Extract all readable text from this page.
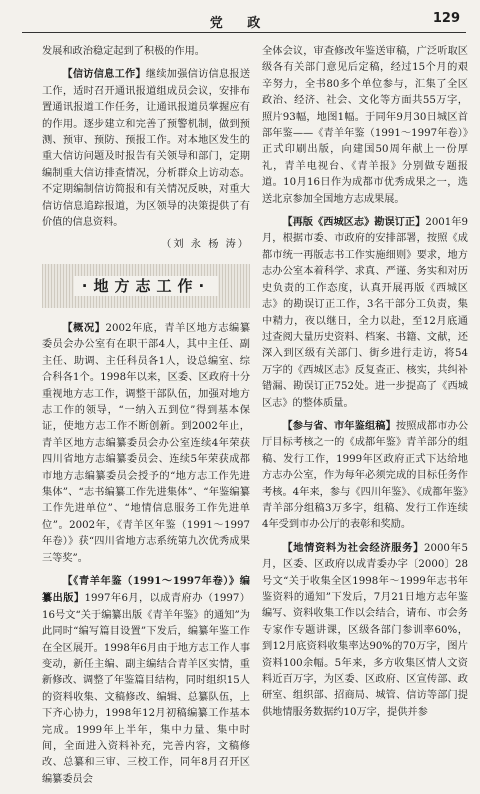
党 政	129

发展和政治稳定起到了积极的作用。

【信访信息工作】继续加强信访信息报送工作，适时召开通讯报道组成员会议，安排布置通讯报道工作任务，让通讯报道员掌握应有的作用。逐步建立和完善了预警机制，做到预测、预审、预防、预报工作。对本地区发生的重大信访问题及时报告有关领导和部门，定期编制重大信访排查情况，分析群众上访动态。不定期编制信访简报和有关情况反映，对重大信访信息追踪报道，为区领导的决策提供了有价值的信息资料。

（刘 永 杨 涛）
·地方志工作·

【概况】2002年底，青羊区地方志编纂委员会办公室有在职干部4人，其中主任、副主任、助调、主任科员各1人，设总编室、综合科各1个。1998年以来，区委、区政府十分重视地方志工作，调整干部队伍，加强对地方志工作的领导，“一纳入五到位”得到基本保证，使地方志工作不断创新。到2002年止，青羊区地方志编纂委员会办公室连续4年荣获四川省地方志编纂委员会、连续5年荣获成都市地方志编纂委员会授予的“地方志工作先进集体”、“志书编纂工作先进集体”、“年鉴编纂工作先进单位”、“地情信息服务工作先进单位”。2002年，《青羊区年鉴（1991～1997年卷）》获“四川省地方志系统第九次优秀成果三等奖”。

【《青羊年鉴（1991～1997年卷）》编纂出版】1997年6月，以成青府办（1997）16号文“关于编纂出版《青羊年鉴》的通知”为此同时“编写篇目设置”下发后，编纂年鉴工作在全区展开。1998年6月由于地方志工作人事变动，新任主编、副主编结合青羊区实情，重新修改、调整了年鉴篇目结构，同时组织15人的资料收集、文稿修改、编辑、总纂队伍，上下齐心协力，1998年12月初稿编纂工作基本完成。1999年上半年，集中力量、集中时间，全面进入资料补充，完善内容，文稿修改、总纂和三审、三校工作，同年8月召开区编纂委员会

全体会议，审查修改年鉴送审稿，广泛听取区级各有关部门意见后定稿，经过15个月的艰辛努力，全书80多个单位参与，汇集了全区政治、经济、社会、文化等方面共55万字，照片93幅，地图1幅。于同年9月30日城区首部年鉴——《青羊年鉴（1991～1997年卷）》正式印刷出版，向建国50周年献上一份厚礼，青羊电视台、《青羊报》分别做专题报道。10月16日作为成都市优秀成果之一，选送北京参加全国地方志成果展。

【再版《西城区志》勘误订正】2001年9月，根据市委、市政府的安排部署，按照《成都市统一再版志书工作实施细则》要求，地方志办公室本着科学、求真、严谨、务实和对历史负责的工作态度，认真开展再版《西城区志》的勘误订正工作，3名干部分工负责，集中精力，夜以继日，全力以赴，至12月底通过查阅大量历史资料、档案、书籍、文献，还深入到区级有关部门、街乡进行走访，将54万字的《西城区志》反复查正、核实，共纠补错漏、勘误订正752处。进一步提高了《西城区志》的整体质量。

【参与省、市年鉴组稿】按照成都市办公厅目标考核之一的《成都年鉴》青羊部分的组稿、发行工作，1999年区政府正式下达给地方志办公室，作为每年必须完成的目标任务作考核。4年来，参与《四川年鉴》、《成都年鉴》青羊部分组稿3万多字，组稿、发行工作连续4年受到市办公厅的表彰和奖励。

【地情资料为社会经济服务】2000年5月，区委、区政府以成青委办字〔2000〕28号文“关于收集全区1998年～1999年志书年鉴资料的通知”下发后，7月21日地方志年鉴编写、资料收集工作以会结合，请布、市会务专家作专题讲课，区级各部门参训率60%，到12月底资料收集率达90%的70万字，图片资料100余幅。5年来，多方收集区情人文资料近百万字，为区委、区政府、区宣传部、政研室、组织部、招商局、城管、信访等部门提供地情服务数据约10万字，提供并参
